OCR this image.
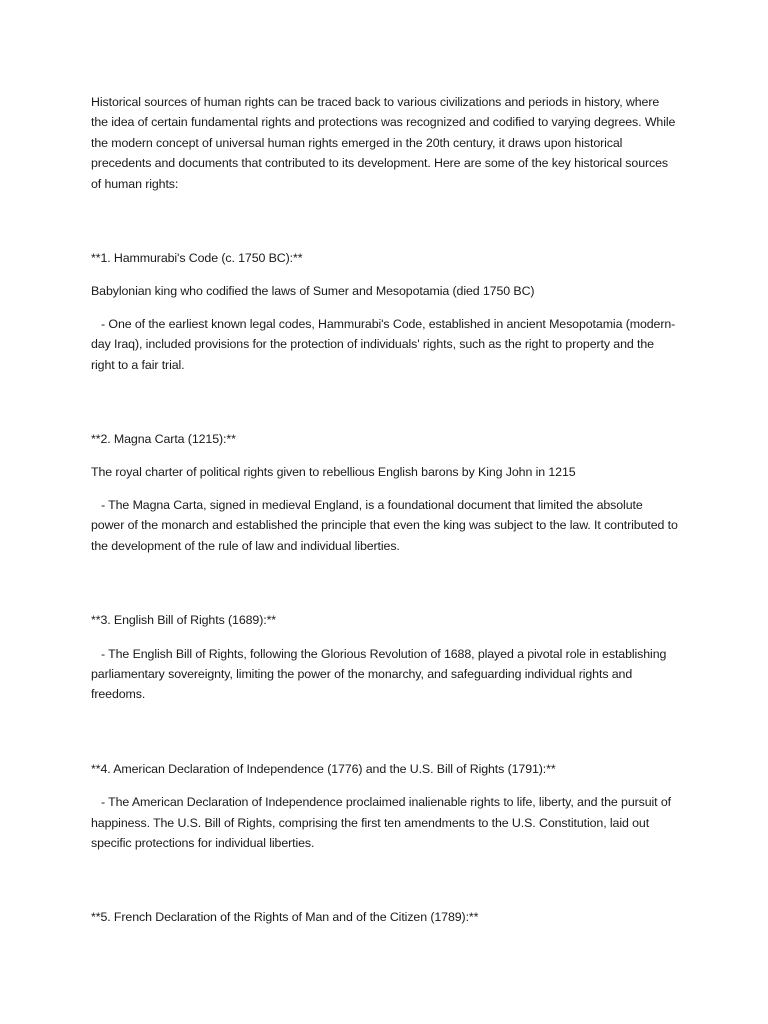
Historical sources of human rights can be traced back to various civilizations and periods in history, where the idea of certain fundamental rights and protections was recognized and codified to varying degrees. While the modern concept of universal human rights emerged in the 20th century, it draws upon historical precedents and documents that contributed to its development. Here are some of the key historical sources of human rights:

**1. Hammurabi's Code (c. 1750 BC):**

Babylonian king who codified the laws of Sumer and Mesopotamia (died 1750 BC)

- One of the earliest known legal codes, Hammurabi's Code, established in ancient Mesopotamia (modern-day Iraq), included provisions for the protection of individuals' rights, such as the right to property and the right to a fair trial.

**2. Magna Carta (1215):**

The royal charter of political rights given to rebellious English barons by King John in 1215

- The Magna Carta, signed in medieval England, is a foundational document that limited the absolute power of the monarch and established the principle that even the king was subject to the law. It contributed to the development of the rule of law and individual liberties.

**3. English Bill of Rights (1689):**

- The English Bill of Rights, following the Glorious Revolution of 1688, played a pivotal role in establishing parliamentary sovereignty, limiting the power of the monarchy, and safeguarding individual rights and freedoms.

**4. American Declaration of Independence (1776) and the U.S. Bill of Rights (1791):**

- The American Declaration of Independence proclaimed inalienable rights to life, liberty, and the pursuit of happiness. The U.S. Bill of Rights, comprising the first ten amendments to the U.S. Constitution, laid out specific protections for individual liberties.

**5. French Declaration of the Rights of Man and of the Citizen (1789):**
